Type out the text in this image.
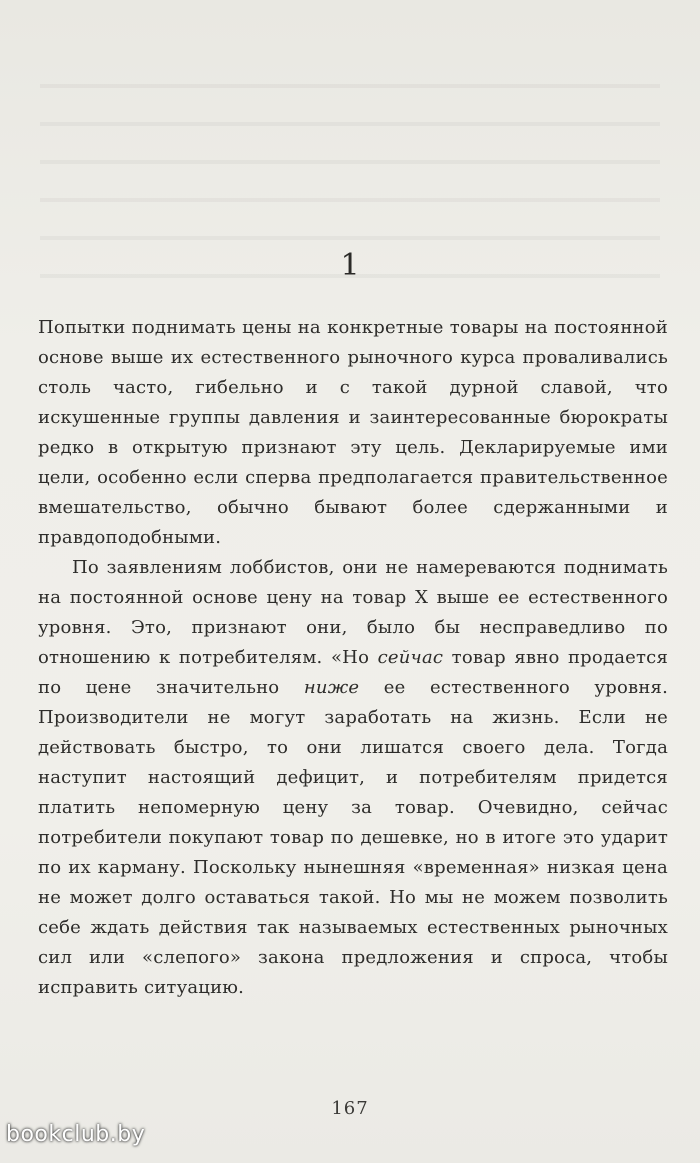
1

Попытки поднимать цены на конкретные товары на постоянной основе выше их естественного рыночного курса проваливались столь часто, гибельно и с такой дурной славой, что искушенные группы давления и заинтересованные бюрократы редко в открытую признают эту цель. Декларируемые ими цели, особенно если сперва предполагается правительственное вмешательство, обычно бывают более сдержанными и правдоподобными.

По заявлениям лоббистов, они не намереваются поднимать на постоянной основе цену на товар X выше ее естественного уровня. Это, признают они, было бы несправедливо по отношению к потребителям. «Но сейчас товар явно продается по цене значительно ниже ее естественного уровня. Производители не могут заработать на жизнь. Если не действовать быстро, то они лишатся своего дела. Тогда наступит настоящий дефицит, и потребителям придется платить непомерную цену за товар. Очевидно, сейчас потребители покупают товар по дешевке, но в итоге это ударит по их карману. Поскольку нынешняя «временная» низкая цена не может долго оставаться такой. Но мы не можем позволить себе ждать действия так называемых естественных рыночных сил или «слепого» закона предложения и спроса, чтобы исправить ситуацию.

167
bookclub.by
